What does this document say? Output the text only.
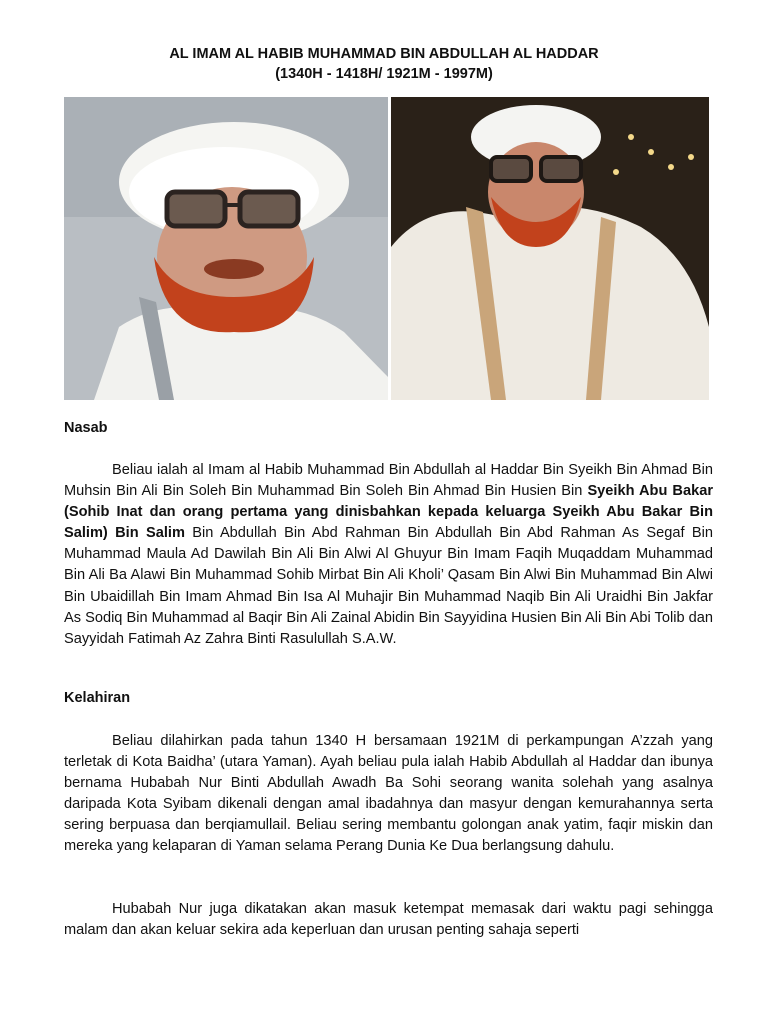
AL IMAM AL HABIB MUHAMMAD BIN ABDULLAH AL HADDAR
(1340H - 1418H/ 1921M - 1997M)
Nasab
Beliau ialah al Imam al Habib Muhammad Bin Abdullah al Haddar Bin Syeikh Bin Ahmad Bin Muhsin Bin Ali Bin Soleh Bin Muhammad Bin Soleh Bin Ahmad Bin Husien Bin Syeikh Abu Bakar (Sohib Inat dan orang pertama yang dinisbahkan kepada keluarga Syeikh Abu Bakar Bin Salim) Bin Salim Bin Abdullah Bin Abd Rahman Bin Abdullah Bin Abd Rahman As Segaf Bin Muhammad Maula Ad Dawilah Bin Ali Bin Alwi Al Ghuyur Bin Imam Faqih Muqaddam Muhammad Bin Ali Ba Alawi Bin Muhammad Sohib Mirbat Bin Ali Kholi’ Qasam Bin Alwi Bin Muhammad Bin Alwi Bin Ubaidillah Bin Imam Ahmad Bin Isa Al Muhajir Bin Muhammad Naqib Bin Ali Uraidhi Bin Jakfar As Sodiq Bin Muhammad al Baqir Bin Ali Zainal Abidin Bin Sayyidina Husien Bin Ali Bin Abi Tolib dan Sayyidah Fatimah Az Zahra Binti Rasulullah S.A.W.
Kelahiran
Beliau dilahirkan pada tahun 1340 H bersamaan 1921M di perkampungan A’zzah yang terletak di Kota Baidha’ (utara Yaman). Ayah beliau pula ialah Habib Abdullah al Haddar dan ibunya bernama Hubabah Nur Binti Abdullah Awadh Ba Sohi seorang wanita solehah yang asalnya daripada Kota Syibam dikenali dengan amal ibadahnya dan masyur dengan kemurahannya serta sering berpuasa dan berqiamullail. Beliau sering membantu golongan anak yatim, faqir miskin dan mereka yang kelaparan di Yaman selama Perang Dunia Ke Dua berlangsung dahulu.
Hubabah Nur juga dikatakan akan masuk ketempat memasak dari waktu pagi sehingga malam dan akan keluar sekira ada keperluan dan urusan penting sahaja seperti
